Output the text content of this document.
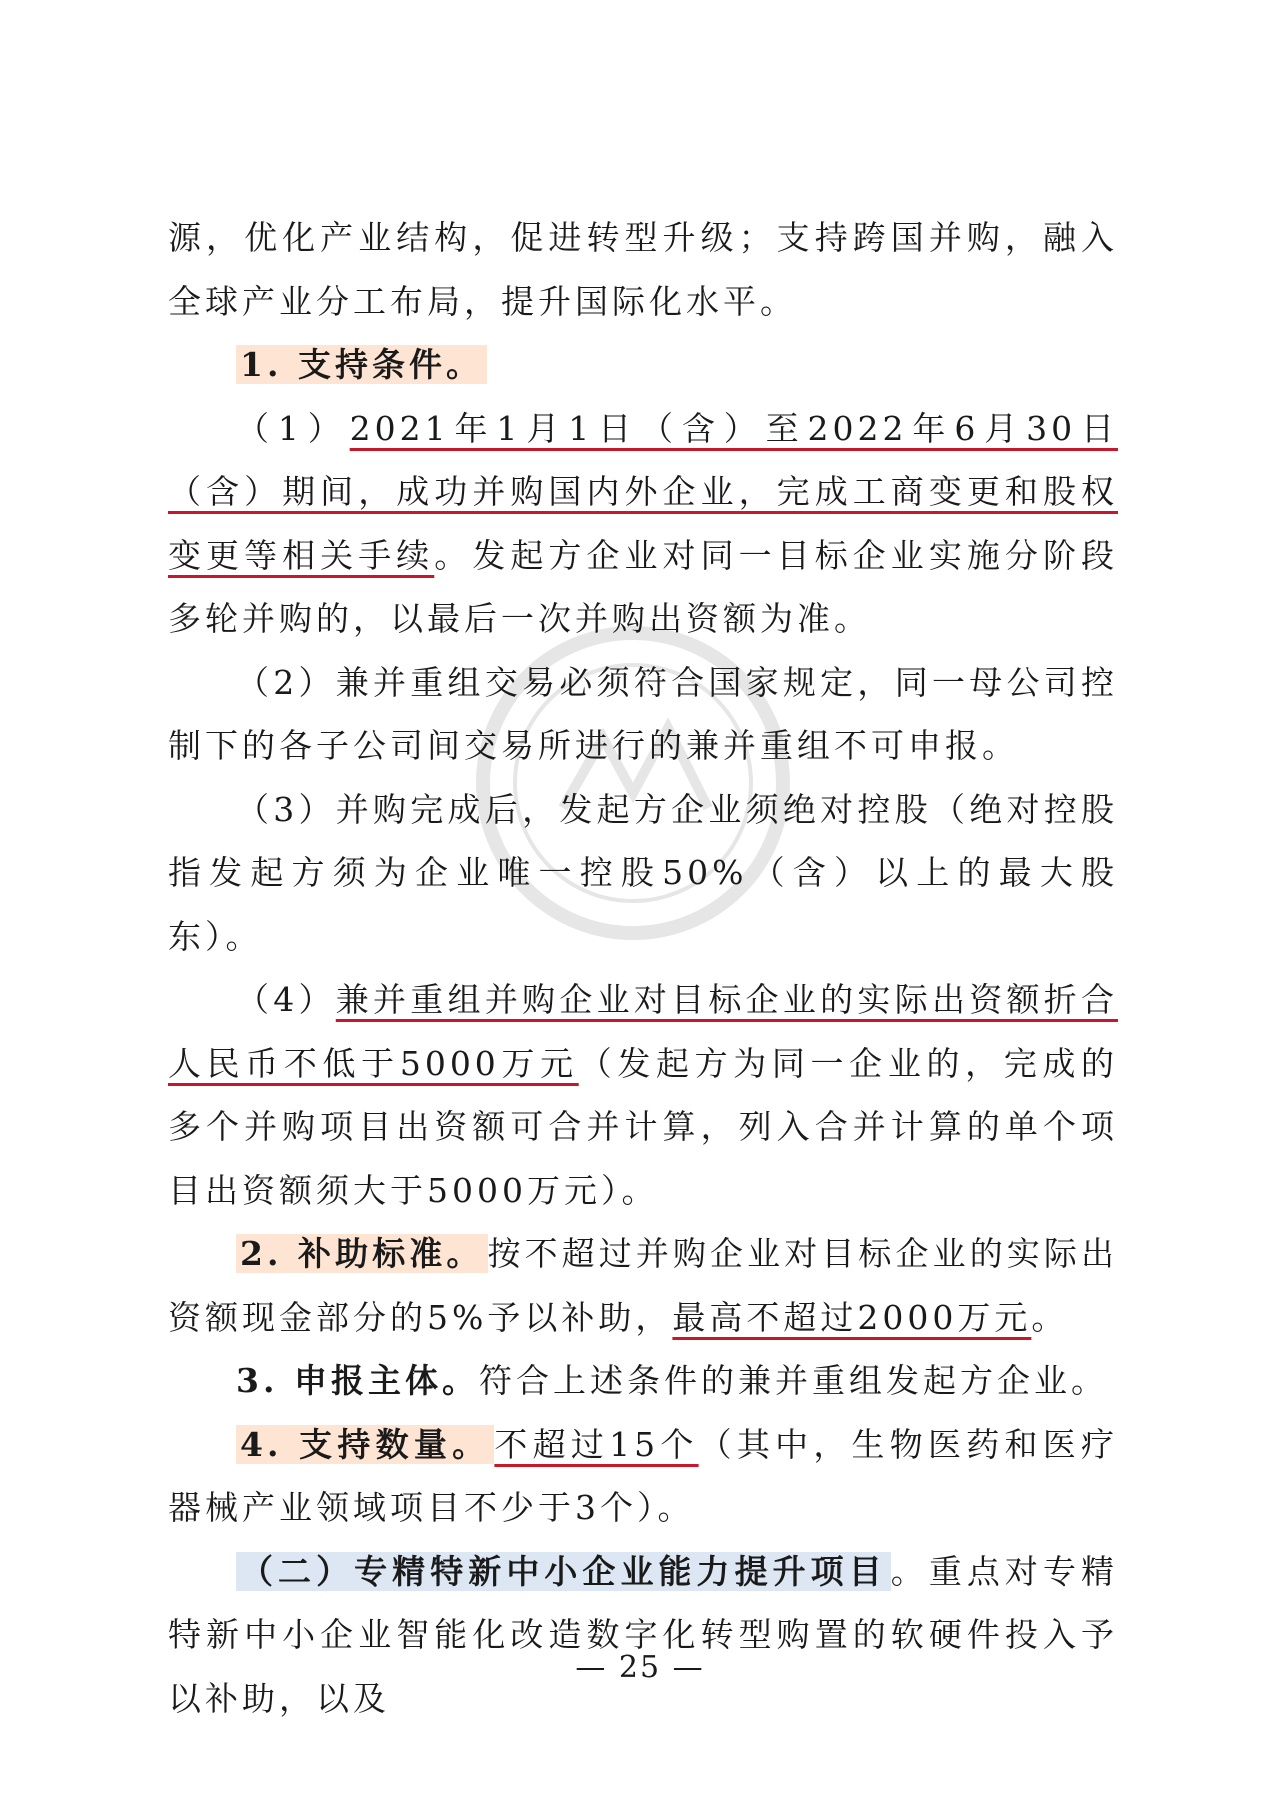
源，优化产业结构，促进转型升级；支持跨国并购，融入全球产业分工布局，提升国际化水平。

1. 支持条件。

（1）2021年1月1日（含）至2022年6月30日（含）期间，成功并购国内外企业，完成工商变更和股权变更等相关手续。发起方企业对同一目标企业实施分阶段多轮并购的，以最后一次并购出资额为准。

（2）兼并重组交易必须符合国家规定，同一母公司控制下的各子公司间交易所进行的兼并重组不可申报。

（3）并购完成后，发起方企业须绝对控股（绝对控股指发起方须为企业唯一控股50%（含）以上的最大股东）。

（4）兼并重组并购企业对目标企业的实际出资额折合人民币不低于5000万元（发起方为同一企业的，完成的多个并购项目出资额可合并计算，列入合并计算的单个项目出资额须大于5000万元）。

2. 补助标准。 按不超过并购企业对目标企业的实际出资额现金部分的5%予以补助，最高不超过2000万元。

3. 申报主体。符合上述条件的兼并重组发起方企业。

4. 支持数量。 不超过15个（其中，生物医药和医疗器械产业领域项目不少于3个）。

（二）专精特新中小企业能力提升项目 。重点对专精特新中小企业智能化改造数字化转型购置的软硬件投入予以补助，以及

— 25 —
